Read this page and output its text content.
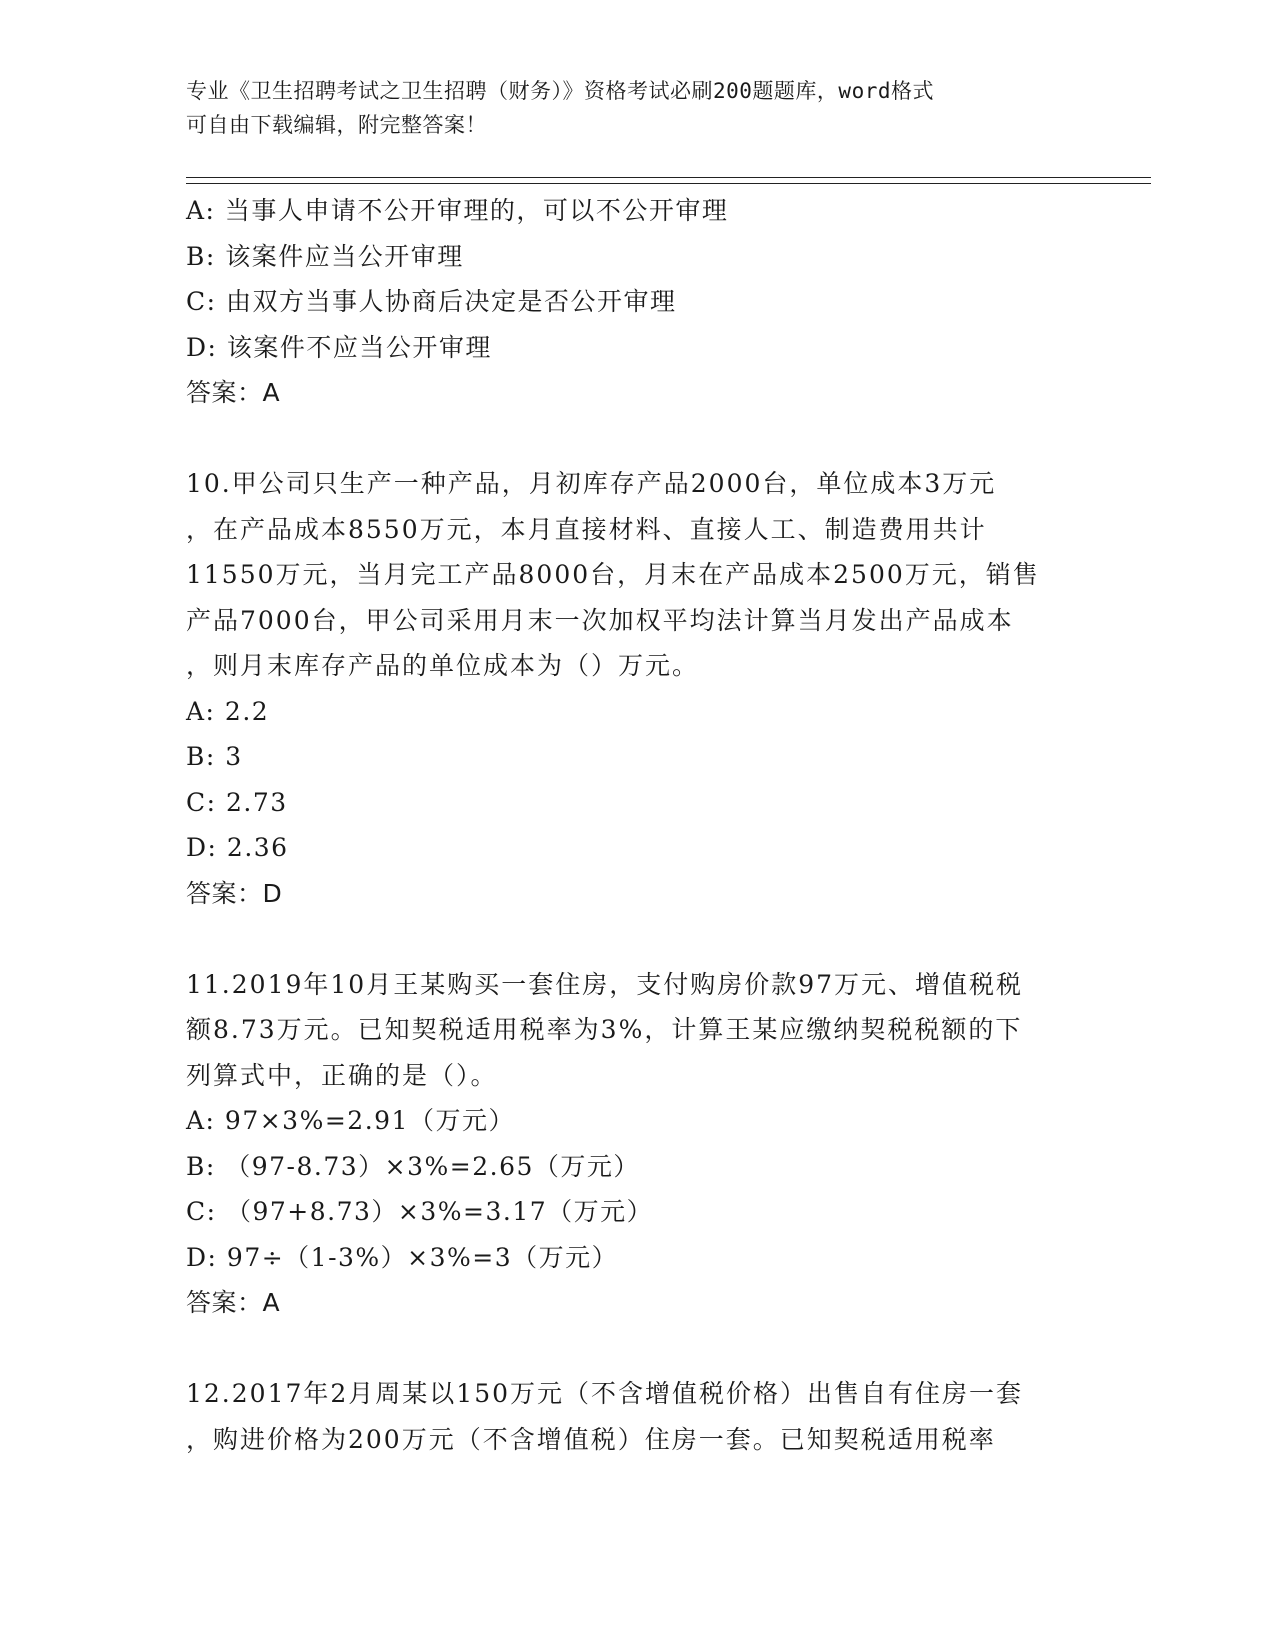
专业《卫生招聘考试之卫生招聘（财务）》资格考试必刷200题题库，word格式
可自由下载编辑，附完整答案！
A: 当事人申请不公开审理的，可以不公开审理
B: 该案件应当公开审理
C: 由双方当事人协商后决定是否公开审理
D: 该案件不应当公开审理
答案：A
10.甲公司只生产一种产品，月初库存产品2000台，单位成本3万元
，在产品成本8550万元，本月直接材料、直接人工、制造费用共计
11550万元，当月完工产品8000台，月末在产品成本2500万元，销售
产品7000台，甲公司采用月末一次加权平均法计算当月发出产品成本
，则月末库存产品的单位成本为（）万元。
A: 2.2
B: 3
C: 2.73
D: 2.36
答案：D
11.2019年10月王某购买一套住房，支付购房价款97万元、增值税税
额8.73万元。已知契税适用税率为3%，计算王某应缴纳契税税额的下
列算式中，正确的是（）。
A: 97×3%=2.91（万元）
B: （97-8.73）×3%=2.65（万元）
C: （97+8.73）×3%=3.17（万元）
D: 97÷（1-3%）×3%=3（万元）
答案：A
12.2017年2月周某以150万元（不含增值税价格）出售自有住房一套
，购进价格为200万元（不含增值税）住房一套。已知契税适用税率
